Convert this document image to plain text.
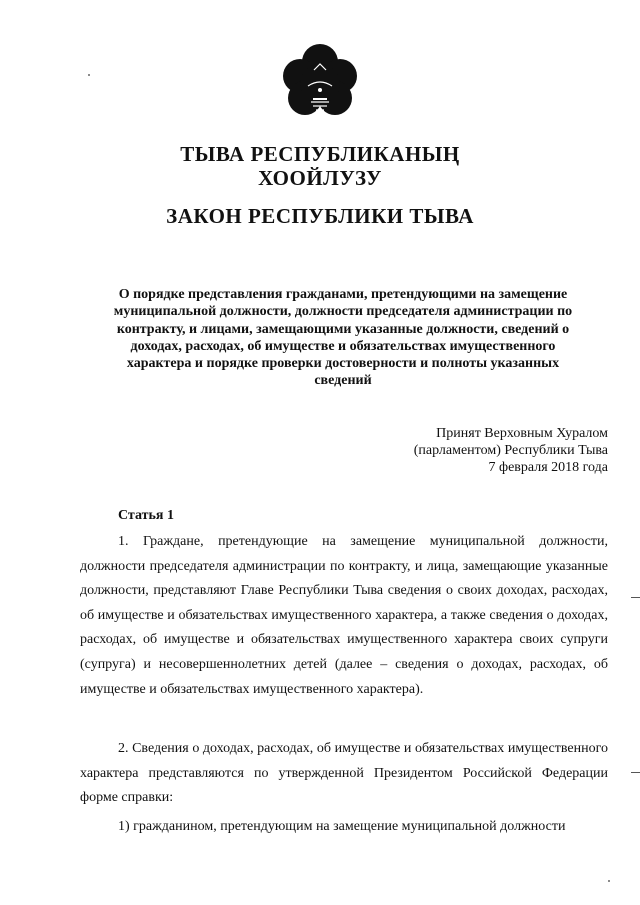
ТЫВА РЕСПУБЛИКАНЫҢ
ХООЙЛУЗУ
ЗАКОН РЕСПУБЛИКИ ТЫВА
О порядке представления гражданами, претендующими на замещение
муниципальной должности, должности председателя администрации по
контракту, и лицами, замещающими указанные должности, сведений о
доходах, расходах, об имуществе и обязательствах имущественного
характера и порядке проверки достоверности и полноты указанных
сведений
Принят Верховным Хуралом
(парламентом) Республики Тыва
7 февраля 2018 года
Статья 1

1. Граждане, претендующие на замещение муниципальной должности, должности председателя администрации по контракту, и лица, замещающие указанные должности, представляют Главе Республики Тыва сведения о своих доходах, расходах, об имуществе и обязательствах имущественного характера, а также сведения о доходах, расходах, об имуществе и обязательствах имущественного характера своих супруги (супруга) и несовершеннолетних детей (далее – сведения о доходах, расходах, об имуществе и обязательствах имущественного характера).

2. Сведения о доходах, расходах, об имуществе и обязательствах имущественного характера представляются по утвержденной Президентом Российской Федерации форме справки:

1) гражданином, претендующим на замещение муниципальной должности
